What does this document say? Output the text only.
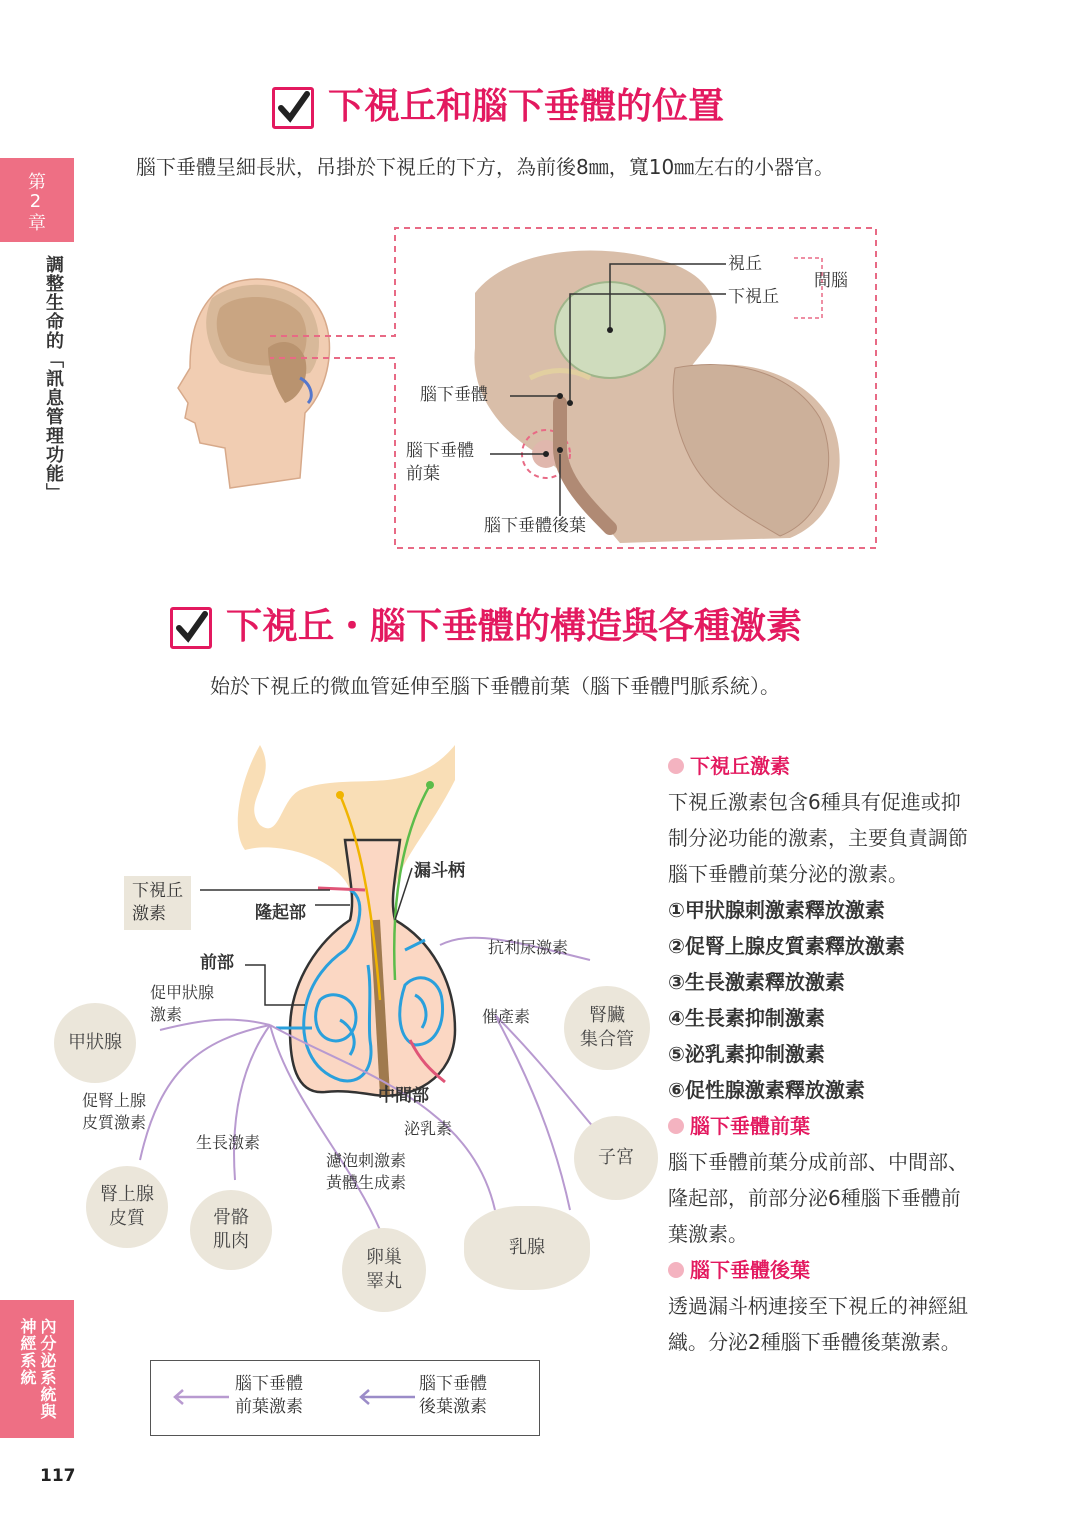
第2章
調整生命的「訊息管理功能」
內分泌系統與神經系統
117
下視丘和腦下垂體的位置
腦下垂體呈細長狀，吊掛於下視丘的下方，為前後8㎜，寬10㎜左右的小器官。
視丘
下視丘
間腦
腦下垂體
腦下垂體
前葉
腦下垂體後葉
下視丘・腦下垂體的構造與各種激素
始於下視丘的微血管延伸至腦下垂體前葉（腦下垂體門脈系統）。
下視丘
激素
漏斗柄
隆起部
前部
中間部
促甲狀腺
激素
促腎上腺
皮質激素
生長激素
濾泡刺激素
黃體生成素
泌乳素
抗利尿激素
催產素
甲狀腺
腎上腺
皮質	骨骼
肌肉
卵巢
睪丸
乳腺
子宮
腎臟
集合管
腦下垂體
前葉激素
腦下垂體
後葉激素
下視丘激素
下視丘激素包含6種具有促進或抑制分泌功能的激素，主要負責調節腦下垂體前葉分泌的激素。
①甲狀腺刺激素釋放激素
②促腎上腺皮質素釋放激素
③生長激素釋放激素
④生長素抑制激素
⑤泌乳素抑制激素
⑥促性腺激素釋放激素
腦下垂體前葉
腦下垂體前葉分成前部、中間部、隆起部，前部分泌6種腦下垂體前葉激素。
腦下垂體後葉
透過漏斗柄連接至下視丘的神經組織。分泌2種腦下垂體後葉激素。
